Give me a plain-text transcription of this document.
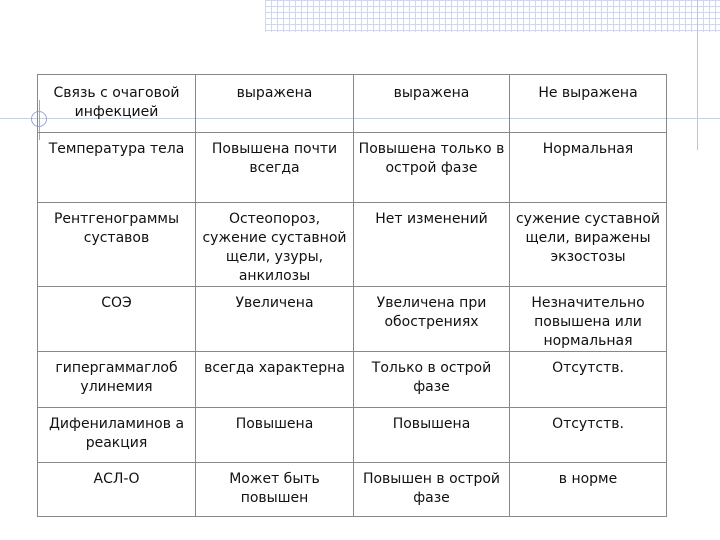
Связь с очаговой инфекцией	выражена	выражена	Не выражена
Температура тела	Повышена почти всегда	Повышена только в острой фазе	Нормальная
Рентгенограммы суставов	Остеопороз, сужение суставной щели, узуры, анкилозы	Нет изменений	сужение суставной щели, виражены экзостозы
СОЭ	Увеличена	Увеличена при обострениях	Незначительно повышена или нормальная
гипергаммаглоб улинемия	всегда характерна	Только в острой фазе	Отсутств.
Дифениламинов а реакция	Повышена	Повышена	Отсутств.
АСЛ-О	Может быть повышен	Повышен в острой фазе	в норме
